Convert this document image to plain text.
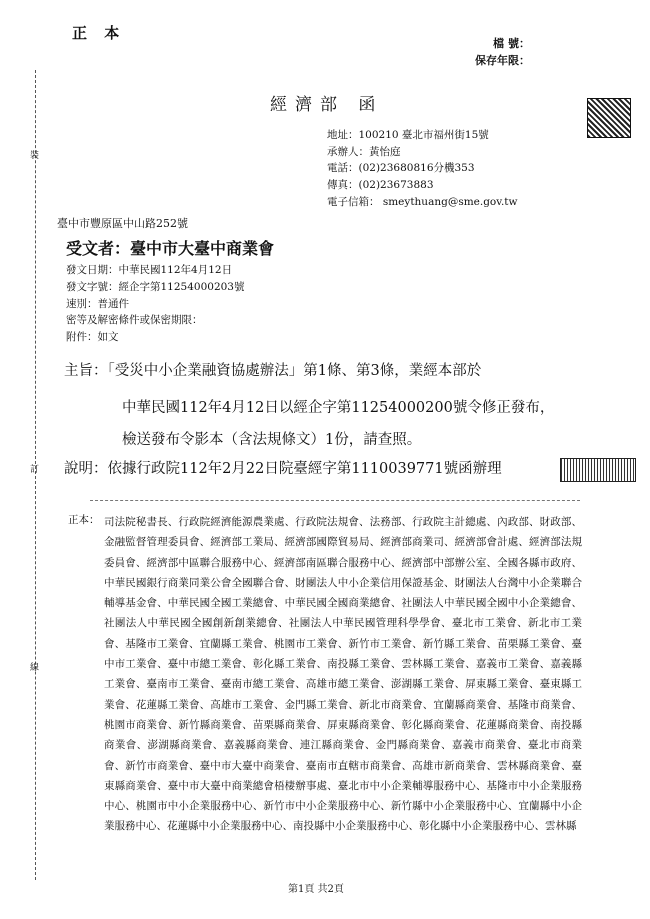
裝
訂
線
正 本
檔 號：
保存年限：
經濟部 函
地址：100210 臺北市福州街15號
承辦人：黃怡庭
電話：(02)23680816分機353
傳真：(02)23673883
電子信箱： smeythuang@sme.gov.tw
臺中市豐原區中山路252號
受文者：臺中市大臺中商業會
發文日期：中華民國112年4月12日
發文字號：經企字第11254000203號
速別：普通件
密等及解密條件或保密期限：
附件：如文
主旨：「受災中小企業融資協處辦法」第1條、第3條，業經本部於
中華民國112年4月12日以經企字第11254000200號令修正發布，
檢送發布令影本（含法規條文）1份，請查照。
說明：依據行政院112年2月22日院臺經字第1110039771號函辦理
正本： 司法院秘書長、行政院經濟能源農業處、行政院法規會、法務部、行政院主計總處、內政部、財政部、金融監督管理委員會、經濟部工業局、經濟部國際貿易局、經濟部商業司、經濟部會計處、經濟部法規委員會、經濟部中區聯合服務中心、經濟部南區聯合服務中心、經濟部中部辦公室、全國各縣市政府、中華民國銀行商業同業公會全國聯合會、財團法人中小企業信用保證基金、財團法人台灣中小企業聯合輔導基金會、中華民國全國工業總會、中華民國全國商業總會、社團法人中華民國全國中小企業總會、社團法人中華民國全國創新創業總會、社團法人中華民國管理科學學會、臺北市工業會、新北市工業會、基隆市工業會、宜蘭縣工業會、桃園市工業會、新竹市工業會、新竹縣工業會、苗栗縣工業會、臺中市工業會、臺中市總工業會、彰化縣工業會、南投縣工業會、雲林縣工業會、嘉義市工業會、嘉義縣工業會、臺南市工業會、臺南市總工業會、高雄市總工業會、澎湖縣工業會、屏東縣工業會、臺東縣工業會、花蓮縣工業會、高雄市工業會、金門縣工業會、新北市商業會、宜蘭縣商業會、基隆市商業會、桃園市商業會、新竹縣商業會、苗栗縣商業會、屏東縣商業會、彰化縣商業會、花蓮縣商業會、南投縣商業會、澎湖縣商業會、嘉義縣商業會、連江縣商業會、金門縣商業會、嘉義市商業會、臺北市商業會、新竹市商業會、臺中市大臺中商業會、臺南市直轄市商業會、高雄市新商業會、雲林縣商業會、臺東縣商業會、臺中市大臺中商業總會梧棲辦事處、臺北市中小企業輔導服務中心、基隆市中小企業服務中心、桃園市中小企業服務中心、新竹市中小企業服務中心、新竹縣中小企業服務中心、宜蘭縣中小企業服務中心、花蓮縣中小企業服務中心、南投縣中小企業服務中心、彰化縣中小企業服務中心、雲林縣
第1頁 共2頁
